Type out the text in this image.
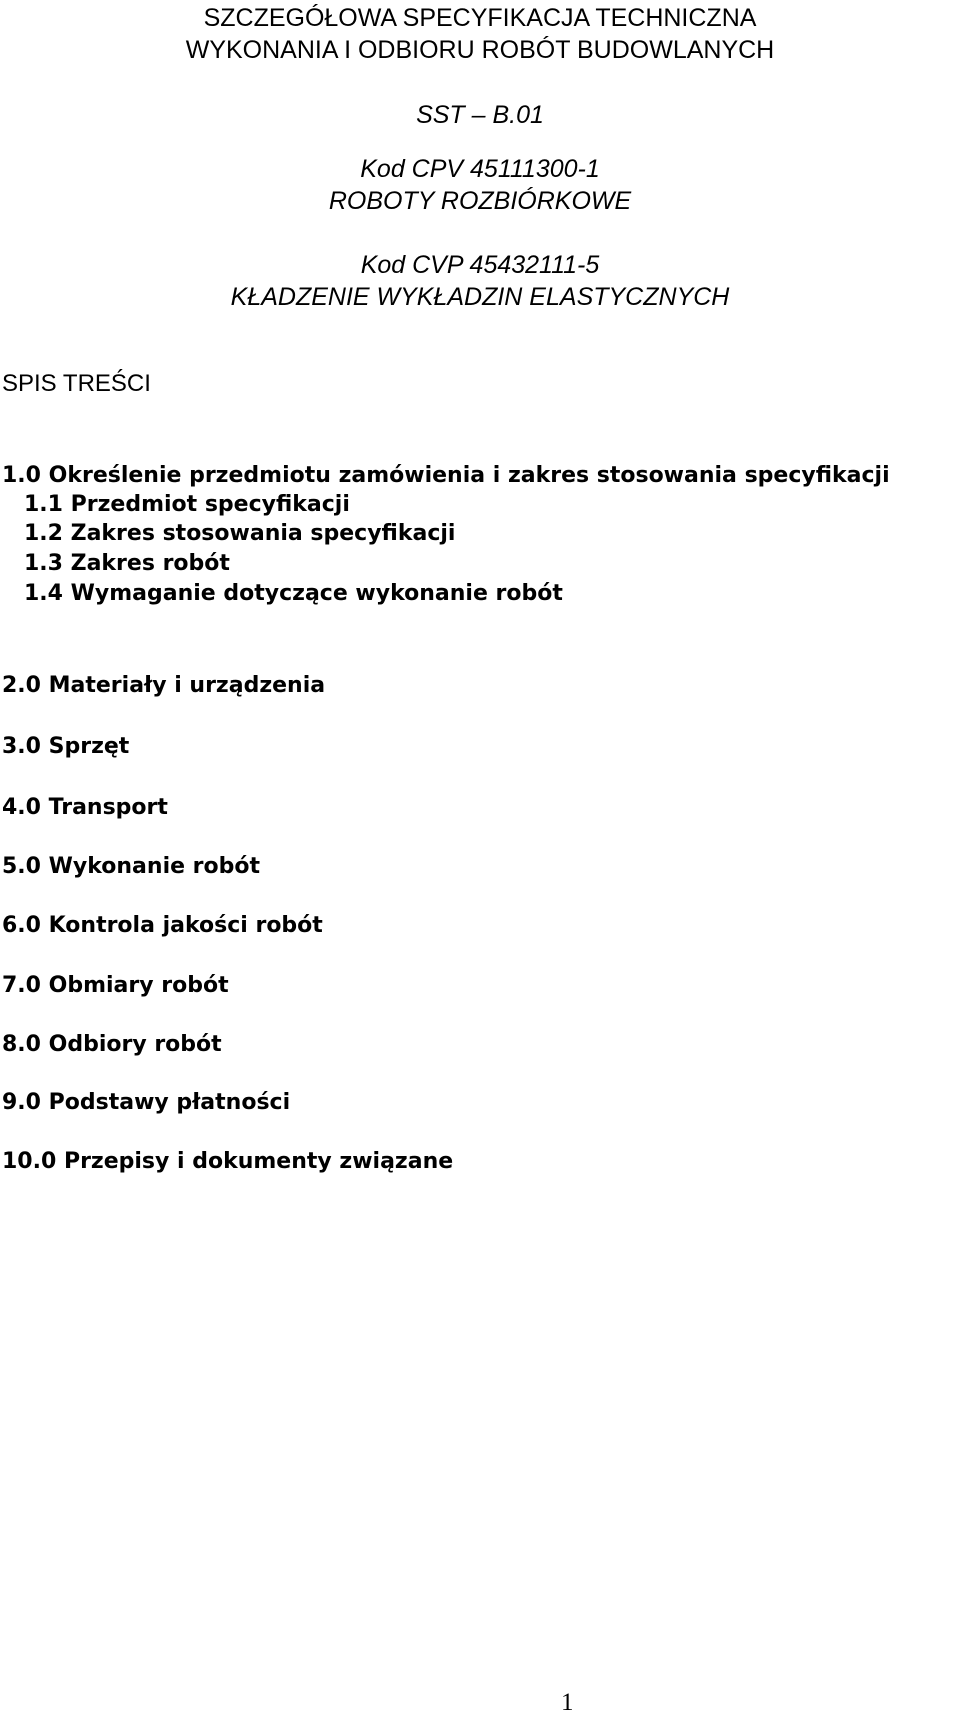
SZCZEGÓŁOWA SPECYFIKACJA TECHNICZNA

WYKONANIA I ODBIORU ROBÓT BUDOWLANYCH

SST – B.01

Kod CPV 45111300-1

ROBOTY ROZBIÓRKOWE

Kod CVP 45432111-5

KŁADZENIE WYKŁADZIN ELASTYCZNYCH

SPIS TREŚCI

1.0 Określenie przedmiotu zamówienia i zakres stosowania specyfikacji

1.1 Przedmiot specyfikacji

1.2 Zakres stosowania specyfikacji

1.3 Zakres robót

1.4 Wymaganie dotyczące wykonanie robót

2.0 Materiały i urządzenia

3.0 Sprzęt

4.0 Transport

5.0 Wykonanie robót

6.0 Kontrola jakości robót

7.0 Obmiary robót

8.0 Odbiory robót

9.0 Podstawy płatności

10.0 Przepisy i dokumenty związane

1
